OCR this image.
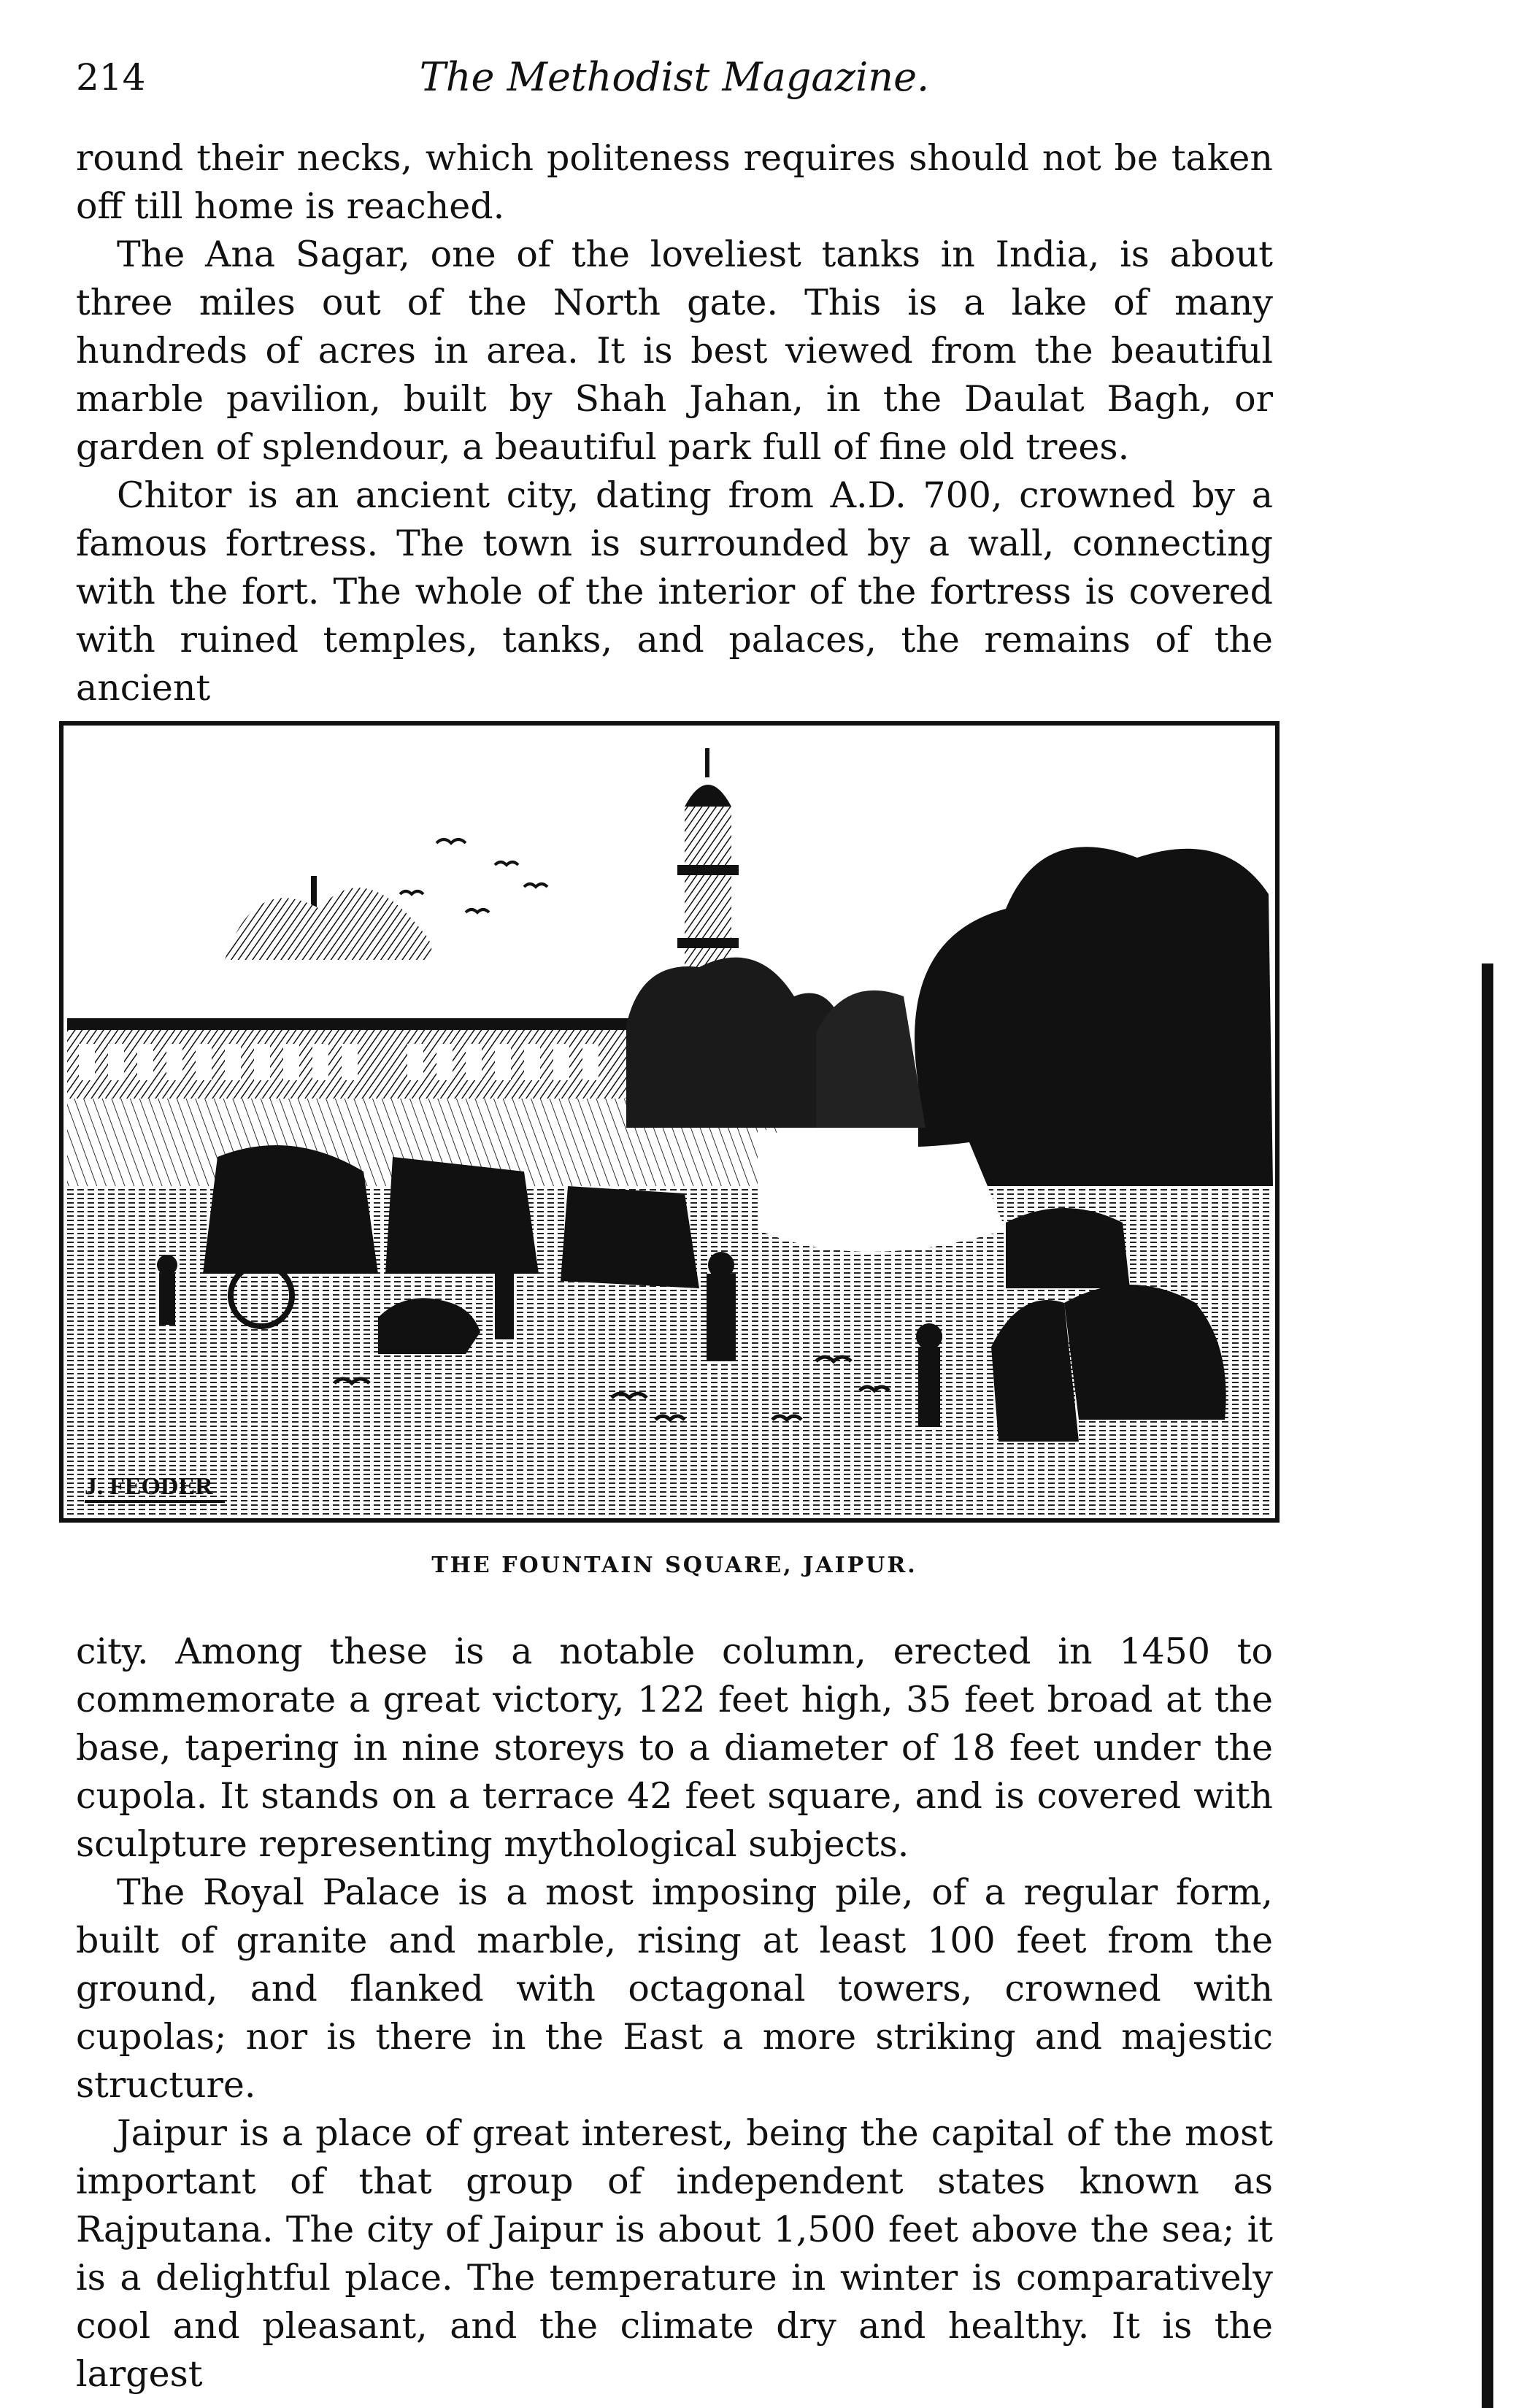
214	The Methodist Magazine.

round their necks, which politeness requires should not be taken off till home is reached.

The Ana Sagar, one of the loveliest tanks in India, is about three miles out of the North gate. This is a lake of many hundreds of acres in area. It is best viewed from the beautiful marble pavilion, built by Shah Jahan, in the Daulat Bagh, or garden of splendour, a beautiful park full of fine old trees.

Chitor is an ancient city, dating from A.D. 700, crowned by a famous fortress. The town is surrounded by a wall, connecting with the fort. The whole of the interior of the fortress is covered with ruined temples, tanks, and palaces, the remains of the ancient

J. FEODER
THE FOUNTAIN SQUARE, JAIPUR.

city. Among these is a notable column, erected in 1450 to commemorate a great victory, 122 feet high, 35 feet broad at the base, tapering in nine storeys to a diameter of 18 feet under the cupola. It stands on a terrace 42 feet square, and is covered with sculpture representing mythological subjects.

The Royal Palace is a most imposing pile, of a regular form, built of granite and marble, rising at least 100 feet from the ground, and flanked with octagonal towers, crowned with cupolas; nor is there in the East a more striking and majestic structure.

Jaipur is a place of great interest, being the capital of the most important of that group of independent states known as Rajputana. The city of Jaipur is about 1,500 feet above the sea; it is a delightful place. The temperature in winter is comparatively cool and pleasant, and the climate dry and healthy. It is the largest
